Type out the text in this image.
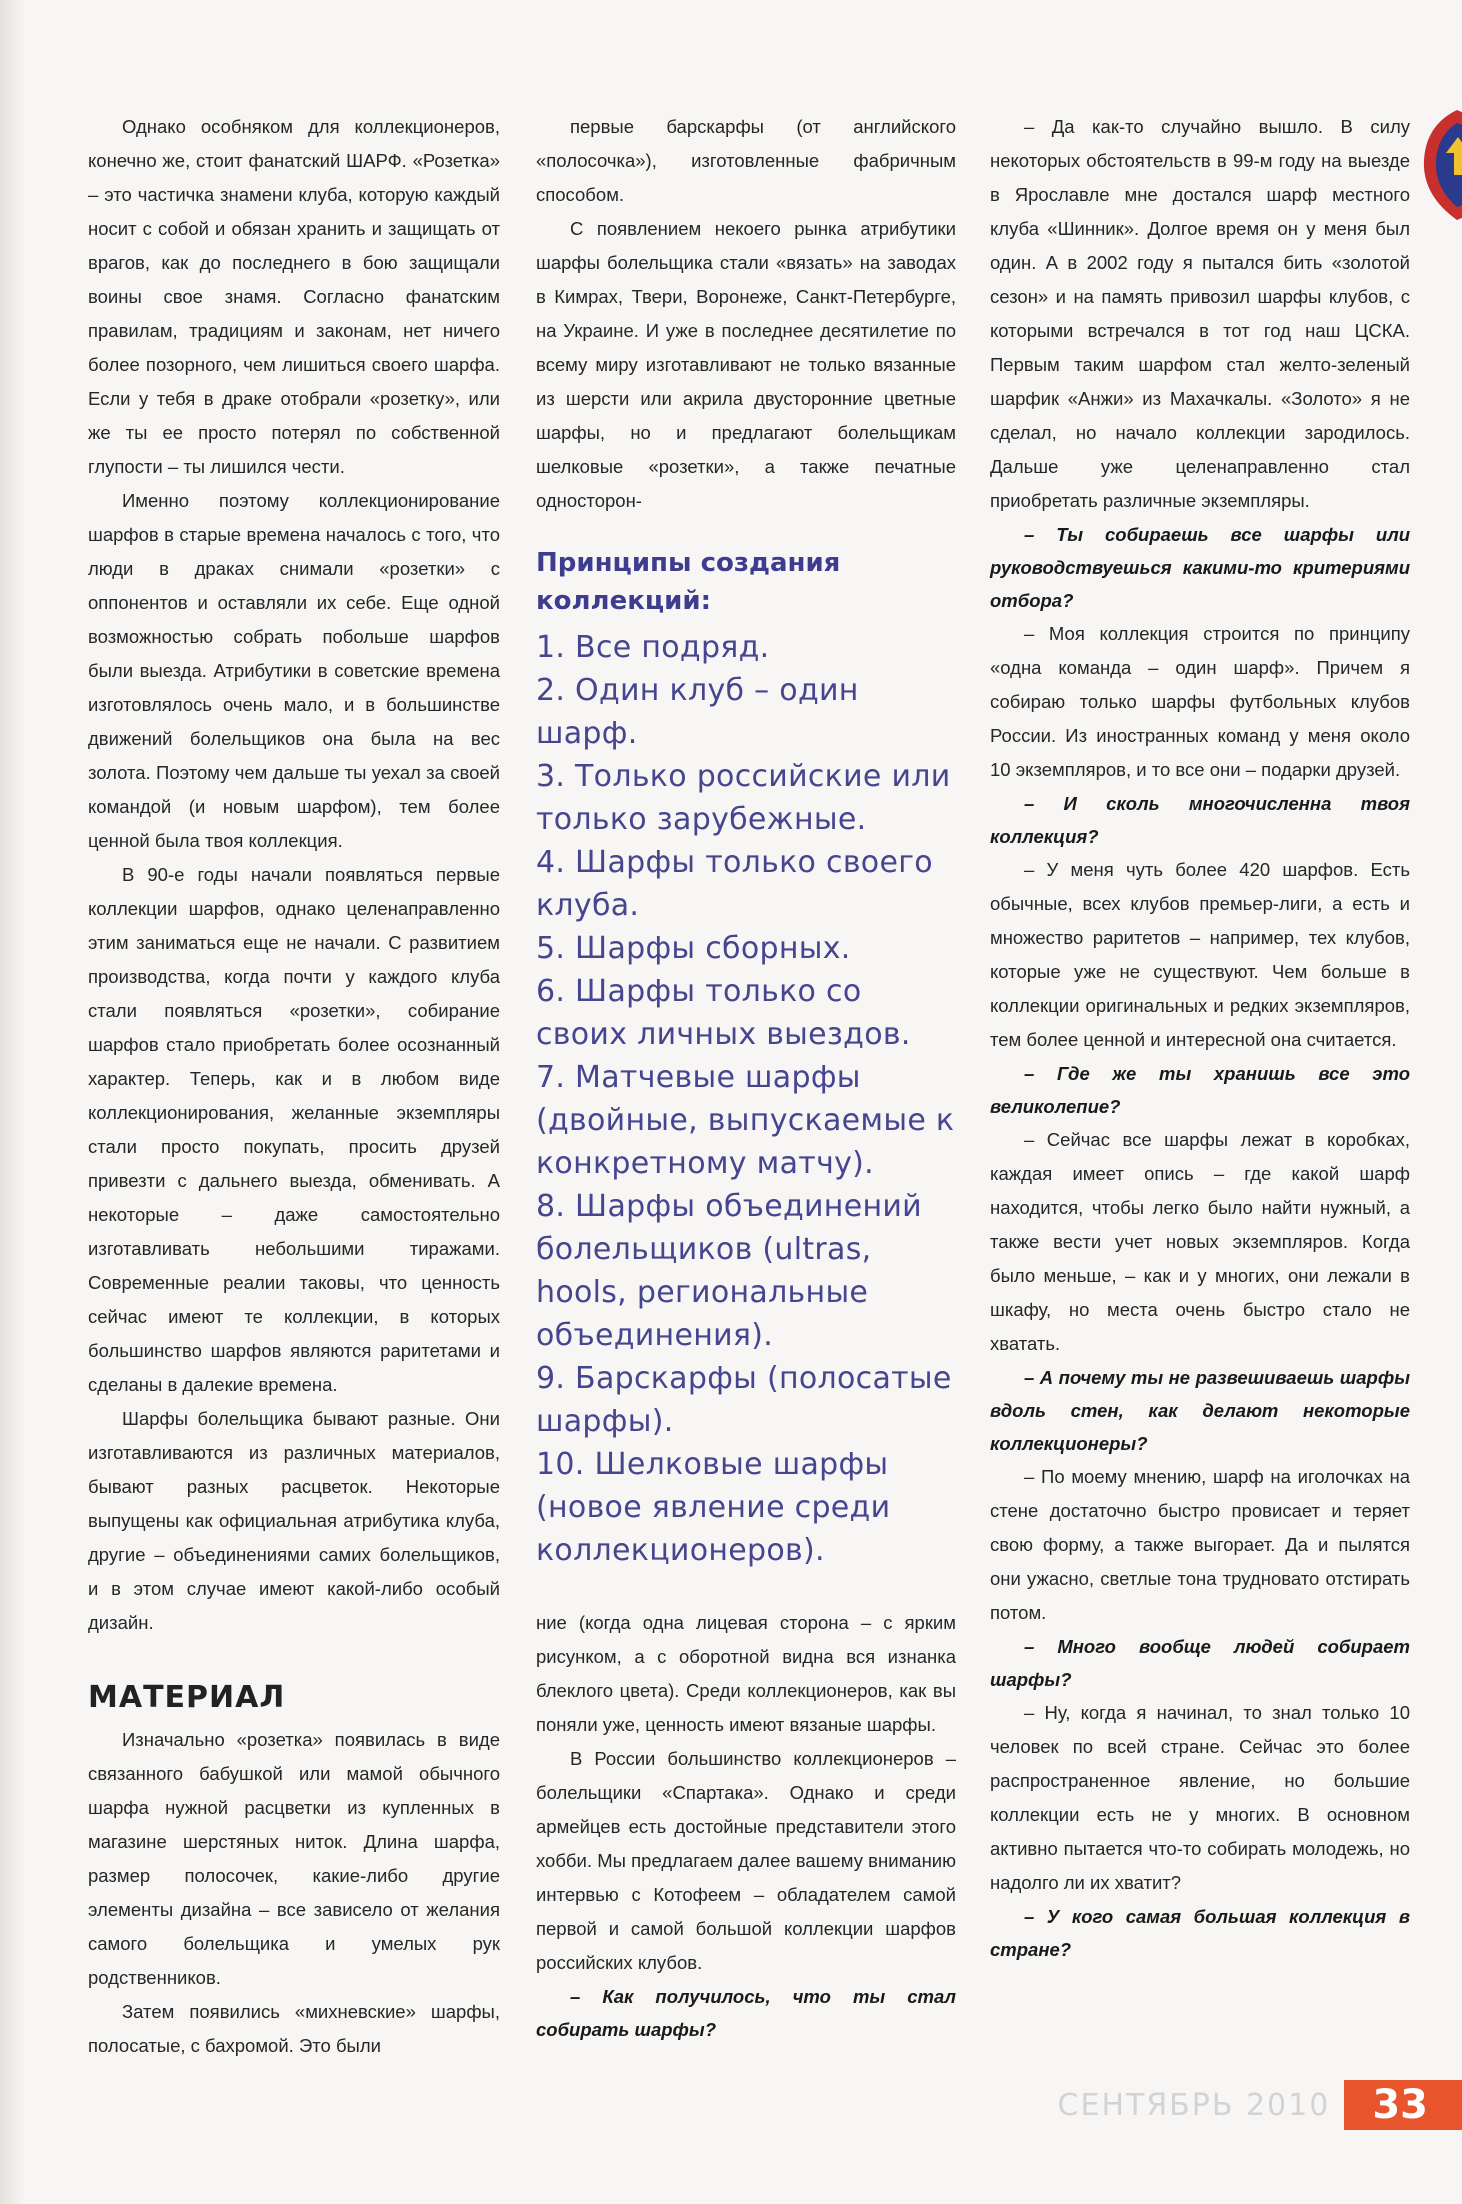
Однако особняком для коллекционеров, конечно же, стоит фанатский ШАРФ. «Розетка» – это частичка знамени клуба, которую каждый носит с собой и обязан хранить и защищать от врагов, как до последнего в бою защищали воины свое знамя. Согласно фанатским правилам, традициям и законам, нет ничего более позорного, чем лишиться своего шарфа. Если у тебя в драке отобрали «розетку», или же ты ее просто потерял по собственной глупости – ты лишился чести.

Именно поэтому коллекционирование шарфов в старые времена началось с того, что люди в драках снимали «розетки» с оппонентов и оставляли их себе. Еще одной возможностью собрать побольше шарфов были выезда. Атрибутики в советские времена изготовлялось очень мало, и в большинстве движений болельщиков она была на вес золота. Поэтому чем дальше ты уехал за своей командой (и новым шарфом), тем более ценной была твоя коллекция.

В 90-е годы начали появляться первые коллекции шарфов, однако целенаправленно этим заниматься еще не начали. С развитием производства, когда почти у каждого клуба стали появляться «розетки», собирание шарфов стало приобретать более осознанный характер. Теперь, как и в любом виде коллекционирования, желанные экземпляры стали просто покупать, просить друзей привезти с дальнего выезда, обменивать. А некоторые – даже самостоятельно изготавливать небольшими тиражами. Современные реалии таковы, что ценность сейчас имеют те коллекции, в которых большинство шарфов являются раритетами и сделаны в далекие времена.

Шарфы болельщика бывают разные. Они изготавливаются из различных материалов, бывают разных расцветок. Некоторые выпущены как официальная атрибутика клуба, другие – объединениями самих болельщиков, и в этом случае имеют какой-либо особый дизайн.

МАТЕРИАЛ

Изначально «розетка» появилась в виде связанного бабушкой или мамой обычного шарфа нужной расцветки из купленных в магазине шерстяных ниток. Длина шарфа, размер полосочек, какие-либо другие элементы дизайна – все зависело от желания самого болельщика и умелых рук родственников.

Затем появились «михневские» шарфы, полосатые, с бахромой. Это были

первые барскарфы (от английского «полосочка»), изготовленные фабричным способом.

С появлением некоего рынка атрибутики шарфы болельщика стали «вязать» на заводах в Кимрах, Твери, Воронеже, Санкт-Петербурге, на Украине. И уже в последнее десятилетие по всему миру изготавливают не только вязанные из шерсти или акрила двусторонние цветные шарфы, но и предлагают болельщикам шелковые «розетки», а также печатные односторон-

Принципы создания коллекций:
1. Все подряд.
2. Один клуб – один шарф.
3. Только российские или только зарубежные.
4. Шарфы только своего клуба.
5. Шарфы сборных.
6. Шарфы только со своих личных выездов.
7. Матчевые шарфы (двойные, выпускаемые к конкретному матчу).
8. Шарфы объединений болельщиков (ultras, hools, региональные объединения).
9. Барскарфы (полосатые шарфы).
10. Шелковые шарфы (новое явление среди коллекционеров).

ние (когда одна лицевая сторона – с ярким рисунком, а с оборотной видна вся изнанка блеклого цвета). Среди коллекционеров, как вы поняли уже, ценность имеют вязаные шарфы.

В России большинство коллекционеров – болельщики «Спартака». Однако и среди армейцев есть достойные представители этого хобби. Мы предлагаем далее вашему вниманию интервью с Котофеем – обладателем самой первой и самой большой коллекции шарфов российских клубов.

– Как получилось, что ты стал собирать шарфы?

– Да как-то случайно вышло. В силу некоторых обстоятельств в 99-м году на выезде в Ярославле мне достался шарф местного клуба «Шинник». Долгое время он у меня был один. А в 2002 году я пытался бить «золотой сезон» и на память привозил шарфы клубов, с которыми встречался в тот год наш ЦСКА. Первым таким шарфом стал желто-зеленый шарфик «Анжи» из Махачкалы. «Золото» я не сделал, но начало коллекции зародилось. Дальше уже целенаправленно стал приобретать различные экземпляры.

– Ты собираешь все шарфы или руководствуешься какими-то критериями отбора?

– Моя коллекция строится по принципу «одна команда – один шарф». Причем я собираю только шарфы футбольных клубов России. Из иностранных команд у меня около 10 экземпляров, и то все они – подарки друзей.

– И сколь многочисленна твоя коллекция?

– У меня чуть более 420 шарфов. Есть обычные, всех клубов премьер-лиги, а есть и множество раритетов – например, тех клубов, которые уже не существуют. Чем больше в коллекции оригинальных и редких экземпляров, тем более ценной и интересной она считается.

– Где же ты хранишь все это великолепие?

– Сейчас все шарфы лежат в коробках, каждая имеет опись – где какой шарф находится, чтобы легко было найти нужный, а также вести учет новых экземпляров. Когда было меньше, – как и у многих, они лежали в шкафу, но места очень быстро стало не хватать.

– А почему ты не развешиваешь шарфы вдоль стен, как делают некоторые коллекционеры?

– По моему мнению, шарф на иголочках на стене достаточно быстро провисает и теряет свою форму, а также выгорает. Да и пылятся они ужасно, светлые тона трудновато отстирать потом.

– Много вообще людей собирает шарфы?

– Ну, когда я начинал, то знал только 10 человек по всей стране. Сейчас это более распространенное явление, но большие коллекции есть не у многих. В основном активно пытается что-то собирать молодежь, но надолго ли их хватит?

– У кого самая большая коллекция в стране?

СЕНТЯБРЬ 2010	33
